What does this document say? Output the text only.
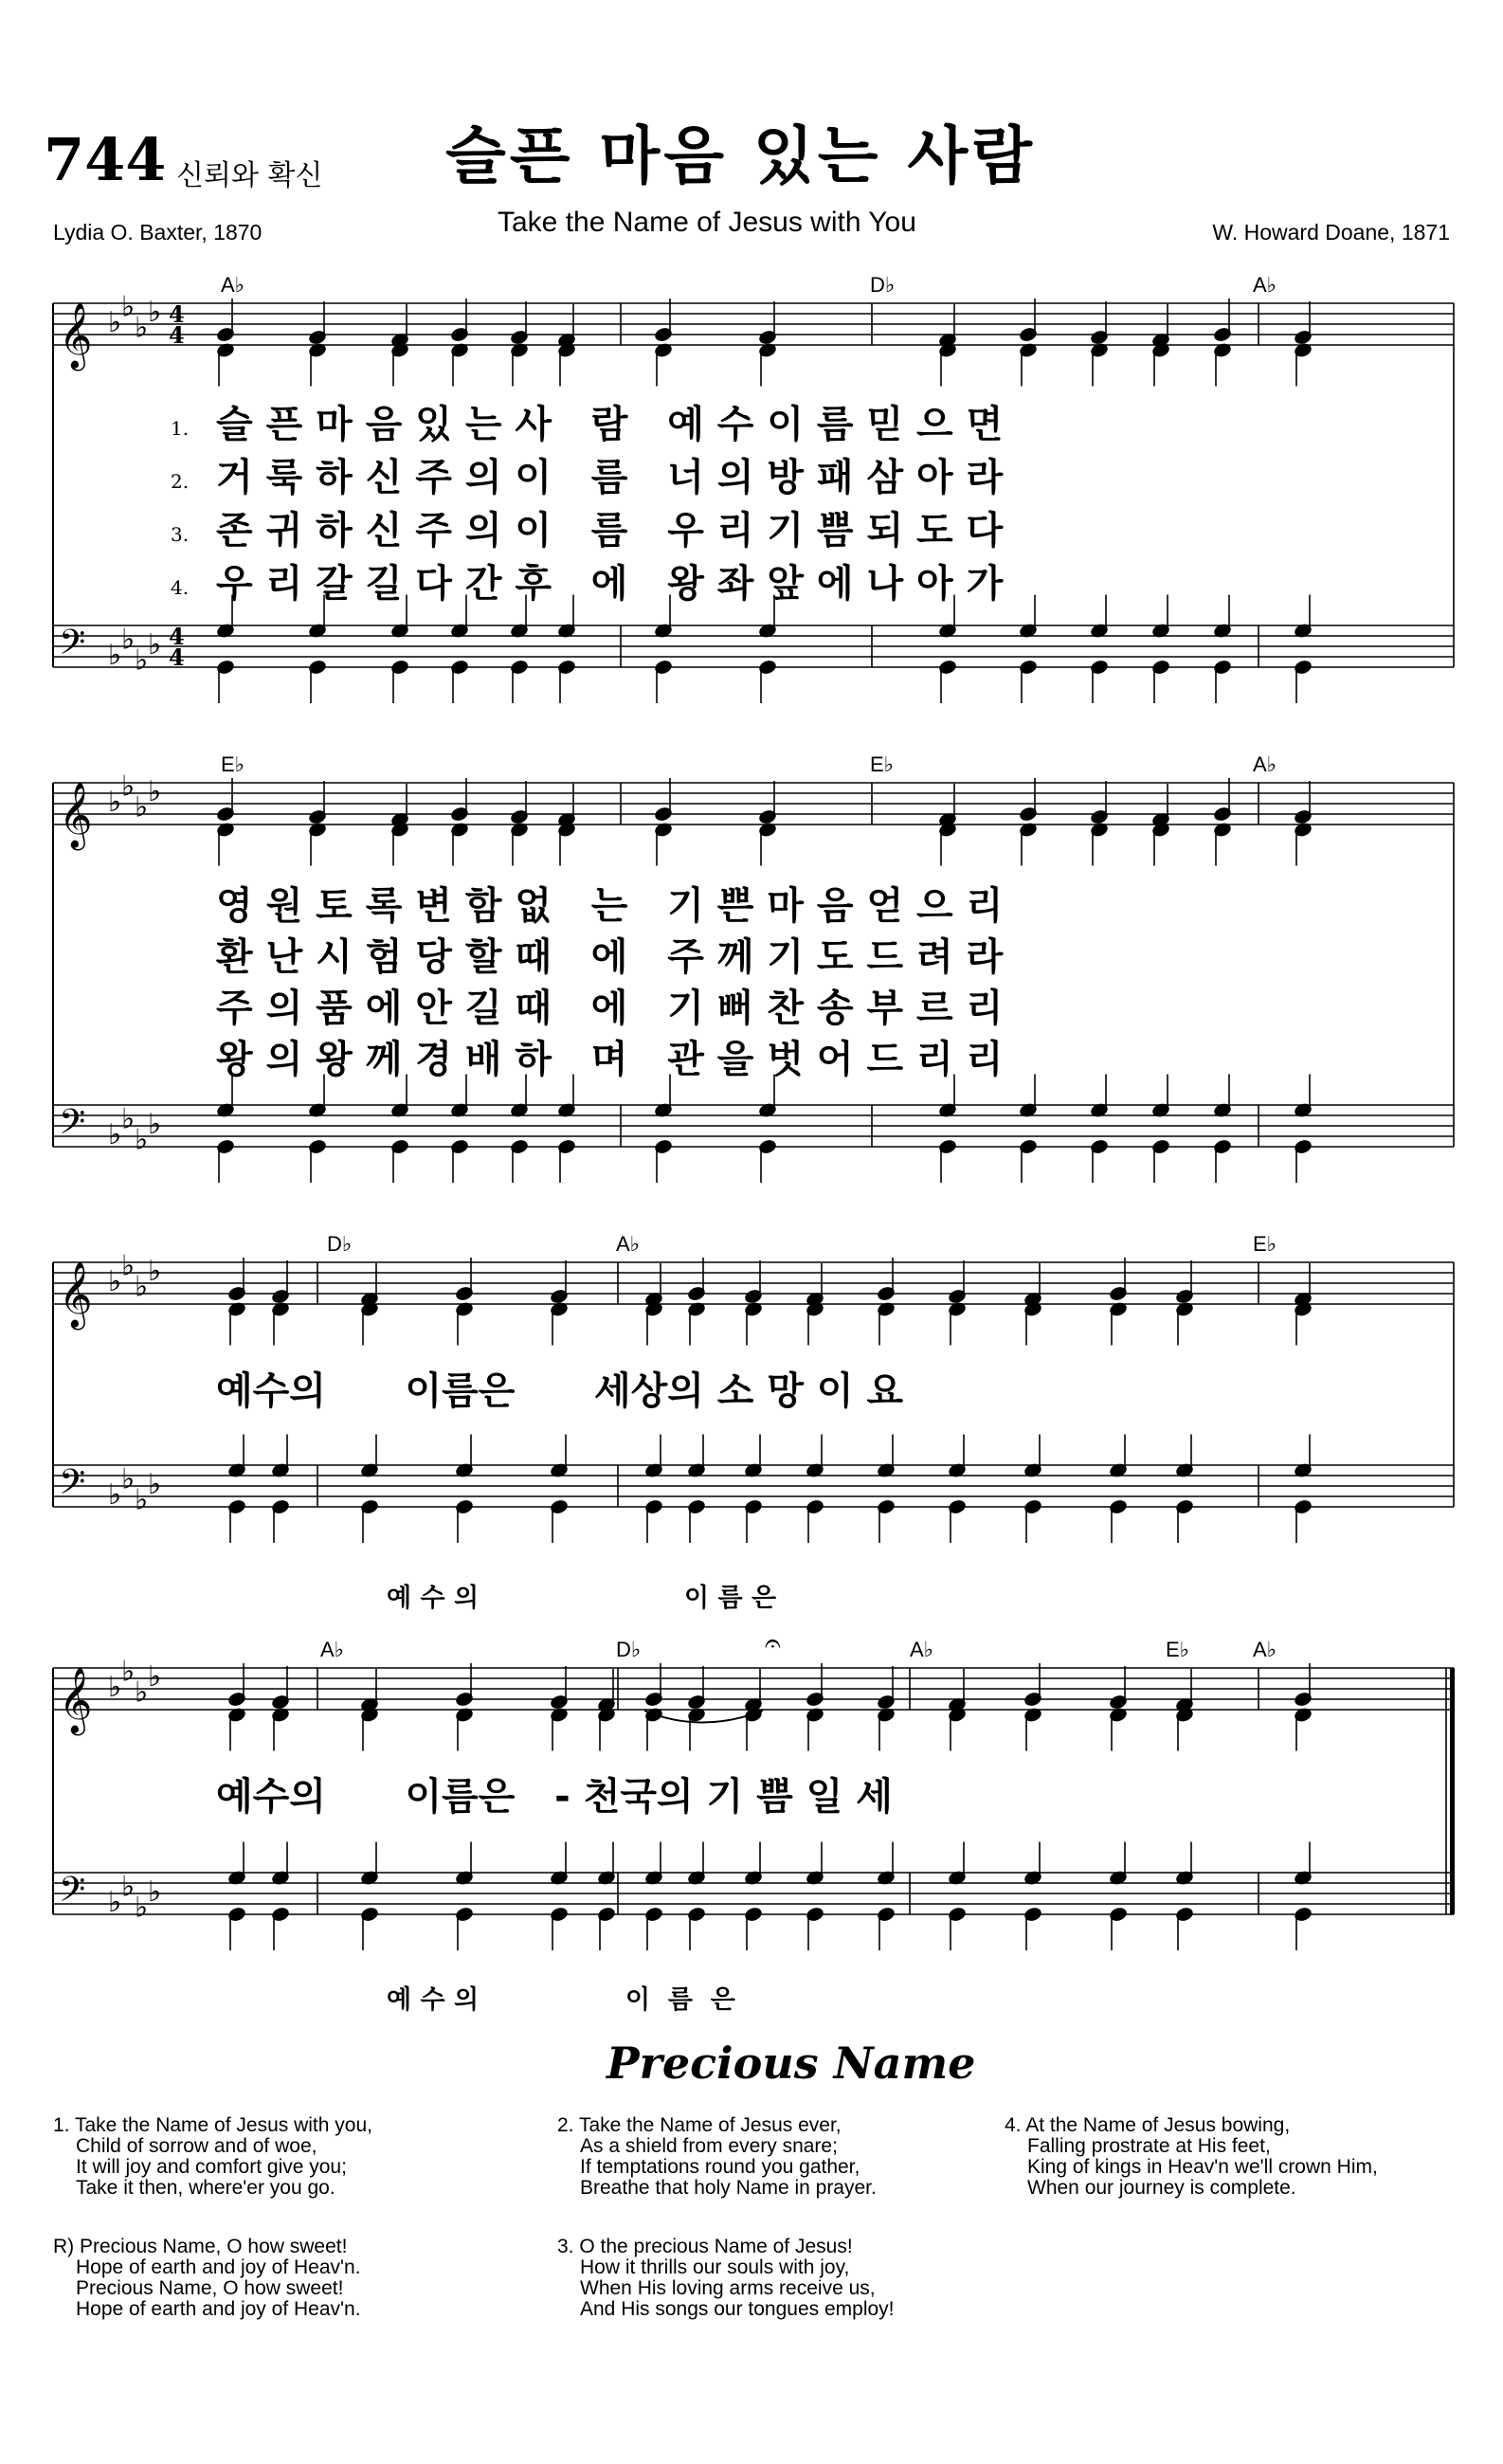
744 신뢰와 확신 슬픈 마음 있는 사람
Take the Name of Jesus with You
Lydia O. Baxter, 1870	W. Howard Doane, 1871
𝄞
𝄢
♭ ♭
♭ ♭
♭ ♭
♭ ♭
4
4
4
4
𝄞
𝄢
♭ ♭
♭ ♭
♭ ♭
♭ ♭
𝄞
𝄢
♭ ♭
♭ ♭
♭ ♭
♭ ♭
𝄞
𝄢
♭ ♭
♭ ♭
♭ ♭
♭ ♭
𝄐
A♭	D♭	A♭
E♭	E♭	A♭
D♭	A♭	E♭
A♭	D♭	A♭	E♭	A♭
1. 슬 픈 마 음 있 는 사   람   예 수 이 름 믿 으 면
2. 거 룩 하 신 주 의 이   름   너 의 방 패 삼 아 라
3. 존 귀 하 신 주 의 이   름   우 리 기 쁨 되 도 다
4. 우 리 갈 길 다 간 후   에   왕 좌 앞 에 나 아 가
영 원 토 록 변 함 없   는   기 쁜 마 음 얻 으 리
환 난 시 험 당 할 때   에   주 께 기 도 드 려 라
주 의 품 에 안 길 때   에   기 뻐 찬 송 부 르 리
왕 의 왕 께 경 배 하   며   관 을 벗 어 드 리 리
예수의      이름은      세상의 소 망 이 요
예 수 의	이 름 은
예수의      이름은   - 천국의 기 쁨 일 세
예 수 의	이  름  은
Precious Name
1. Take the Name of Jesus with you,
Child of sorrow and of woe,
It will joy and comfort give you;
Take it then, where'er you go.
R) Precious Name, O how sweet!
Hope of earth and joy of Heav'n.
Precious Name, O how sweet!
Hope of earth and joy of Heav'n.
2. Take the Name of Jesus ever,
As a shield from every snare;
If temptations round you gather,
Breathe that holy Name in prayer.
3. O the precious Name of Jesus!
How it thrills our souls with joy,
When His loving arms receive us,
And His songs our tongues employ!
4. At the Name of Jesus bowing,
Falling prostrate at His feet,
King of kings in Heav'n we'll crown Him,
When our journey is complete.
